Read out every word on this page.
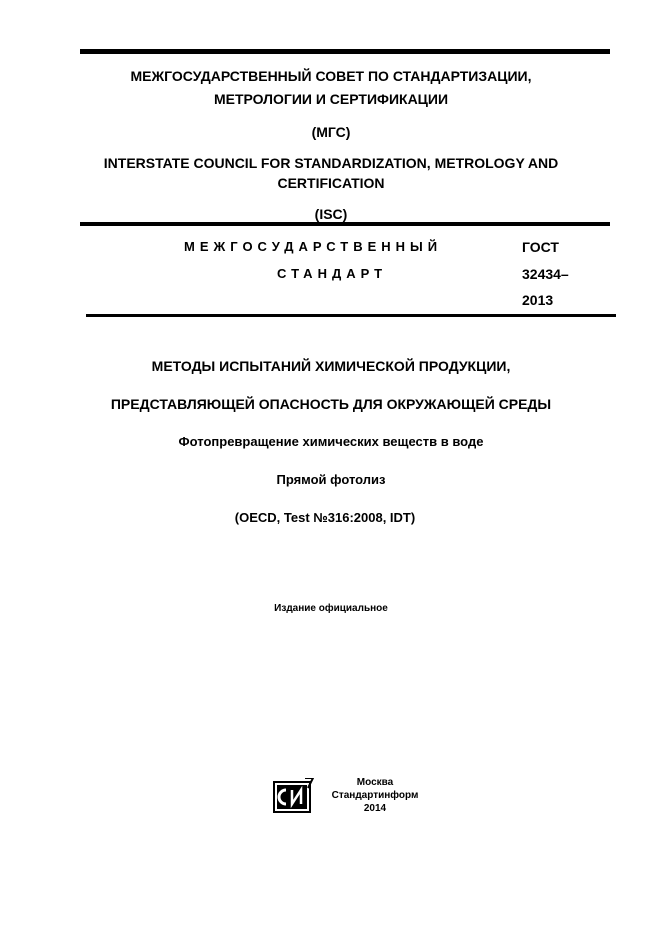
МЕЖГОСУДАРСТВЕННЫЙ СОВЕТ ПО СТАНДАРТИЗАЦИИ,
МЕТРОЛОГИИ И СЕРТИФИКАЦИИ
(МГС)
INTERSTATE COUNCIL FOR STANDARDIZATION, METROLOGY AND
CERTIFICATION
(ISC)
МЕЖГОСУДАРСТВЕННЫЙ
СТАНДАРТ
ГОСТ
32434–
2013
МЕТОДЫ ИСПЫТАНИЙ ХИМИЧЕСКОЙ ПРОДУКЦИИ,
ПРЕДСТАВЛЯЮЩЕЙ ОПАСНОСТЬ ДЛЯ ОКРУЖАЮЩЕЙ СРЕДЫ
Фотопревращение химических веществ в воде
Прямой фотолиз
(OECD, Test №316:2008, IDT)
Издание официальное
Москва
Стандартинформ
2014
